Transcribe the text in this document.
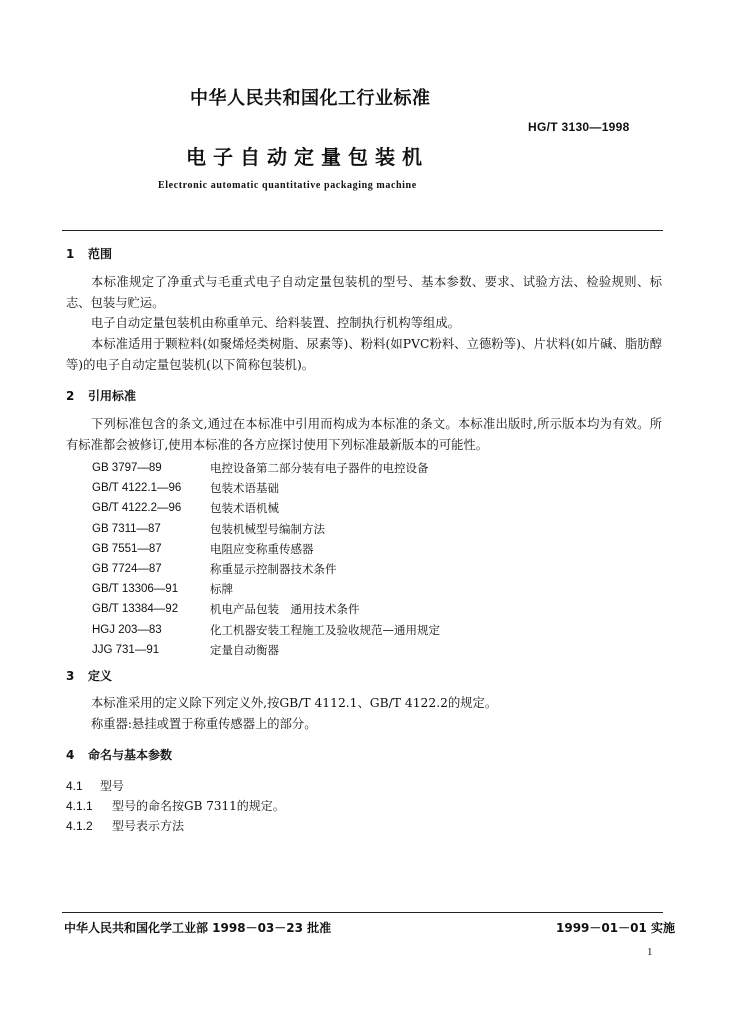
中华人民共和国化工行业标准
HG/T 3130—1998
电子自动定量包装机
Electronic automatic quantitative packaging machine
1 范围
本标准规定了净重式与毛重式电子自动定量包装机的型号、基本参数、要求、试验方法、检验规则、标志、包装与贮运。
电子自动定量包装机由称重单元、给料装置、控制执行机构等组成。
本标准适用于颗粒料(如聚烯烃类树脂、尿素等)、粉料(如PVC粉料、立德粉等)、片状料(如片碱、脂肪醇等)的电子自动定量包装机(以下简称包装机)。
2 引用标准
下列标准包含的条文,通过在本标准中引用而构成为本标准的条文。本标准出版时,所示版本均为有效。所有标准都会被修订,使用本标准的各方应探讨使用下列标准最新版本的可能性。
GB 3797—89	电控设备第二部分装有电子器件的电控设备
GB/T 4122.1—96	包装术语基础
GB/T 4122.2—96	包装术语机械
GB 7311—87	包装机械型号编制方法
GB 7551—87	电阻应变称重传感器
GB 7724—87	称重显示控制器技术条件
GB/T 13306—91	标牌
GB/T 13384—92	机电产品包装　通用技术条件
HGJ 203—83	化工机器安装工程施工及验收规范—通用规定
JJG 731—91	定量自动衡器
3 定义
本标准采用的定义除下列定义外,按GB/T 4112.1、GB/T 4122.2的规定。
称重器:悬挂或置于称重传感器上的部分。
4 命名与基本参数
4.1 型号
4.1.1 型号的命名按GB 7311的规定。
4.1.2 型号表示方法
中华人民共和国化学工业部 1998－03－23 批准	1999－01－01 实施
1
